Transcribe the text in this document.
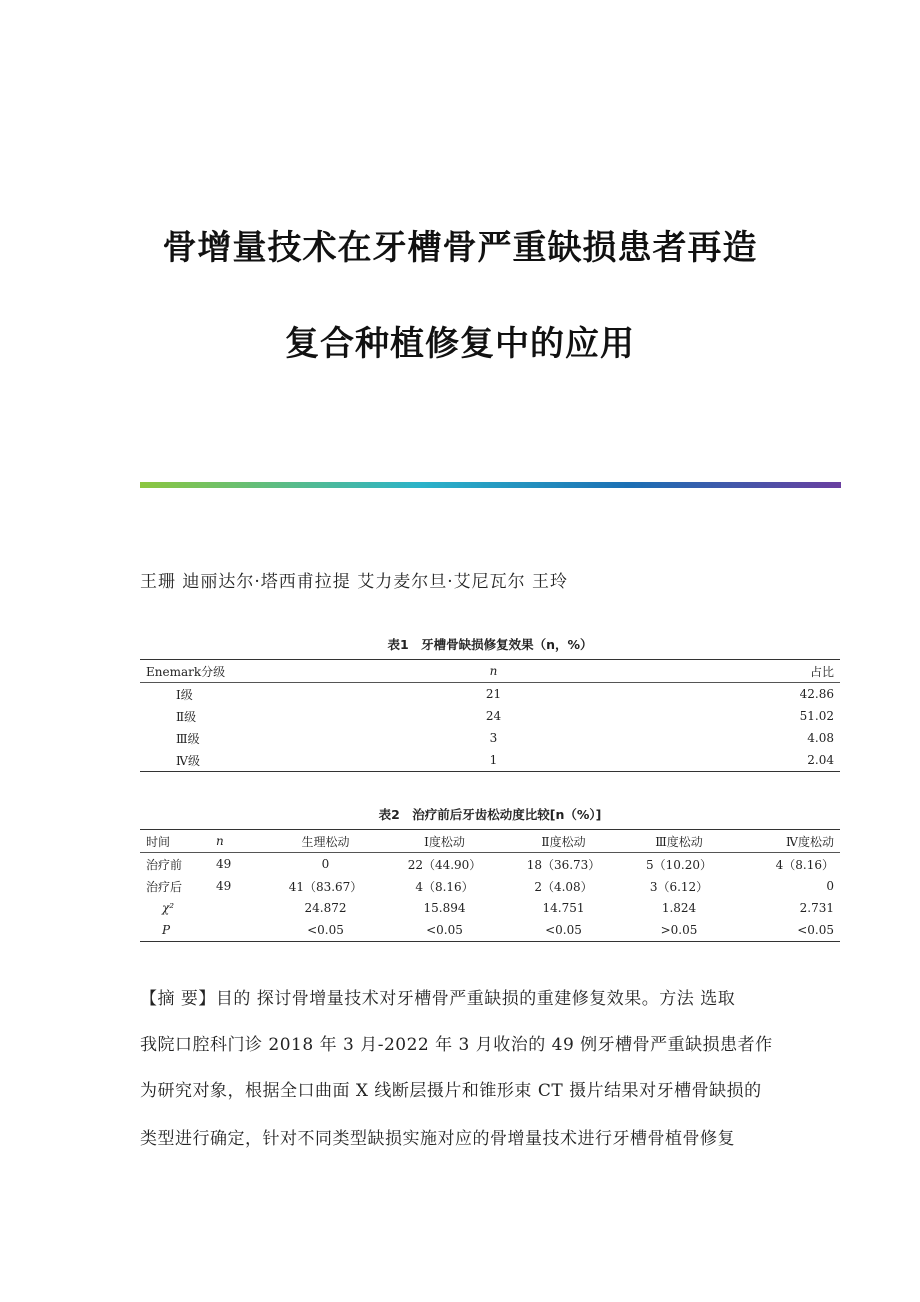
骨增量技术在牙槽骨严重缺损患者再造
复合种植修复中的应用
王珊 迪丽达尔·塔西甫拉提 艾力麦尔旦·艾尼瓦尔 王玲
表1　牙槽骨缺损修复效果（n，%）
Enemark分级	n	占比
Ⅰ级	21	42.86
Ⅱ级	24	51.02
Ⅲ级	3	4.08
Ⅳ级	1	2.04
表2　治疗前后牙齿松动度比较[n（%）]
时间	n	生理松动	Ⅰ度松动	Ⅱ度松动	Ⅲ度松动	Ⅳ度松动
治疗前	49	0	22（44.90）	18（36.73）	5（10.20）	4（8.16）
治疗后	49	41（83.67）	4（8.16）	2（4.08）	3（6.12）	0
χ²		24.872	15.894	14.751	1.824	2.731
P		<0.05	<0.05	<0.05	>0.05	<0.05
【摘 要】目的 探讨骨增量技术对牙槽骨严重缺损的重建修复效果。方法 选取
我院口腔科门诊 2018 年 3 月-2022 年 3 月收治的 49 例牙槽骨严重缺损患者作
为研究对象，根据全口曲面 X 线断层摄片和锥形束 CT 摄片结果对牙槽骨缺损的
类型进行确定，针对不同类型缺损实施对应的骨增量技术进行牙槽骨植骨修复
